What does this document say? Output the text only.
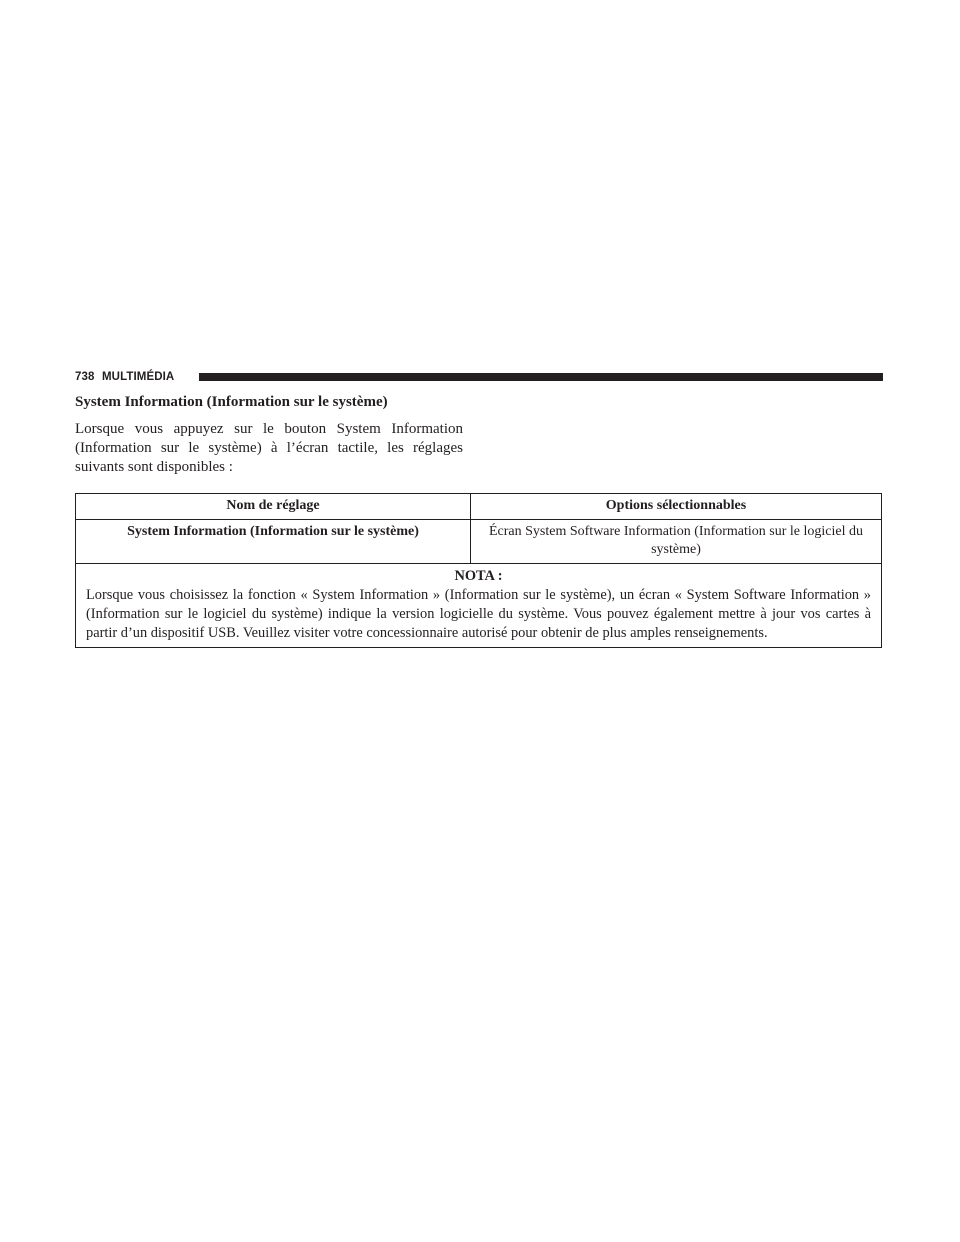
738 MULTIMÉDIA
System Information (Information sur le système)

Lorsque vous appuyez sur le bouton System Information (Information sur le système) à l’écran tactile, les réglages suivants sont disponibles :

Nom de réglage	Options sélectionnables
System Information (Information sur le système)	Écran System Software Information (Information sur le logiciel du système)

NOTA :
Lorsque vous choisissez la fonction « System Information » (Information sur le système), un écran « System Software Information » (Information sur le logiciel du système) indique la version logicielle du système. Vous pouvez également mettre à jour vos cartes à partir d’un dispositif USB. Veuillez visiter votre concessionnaire autorisé pour obtenir de plus amples renseignements.	
